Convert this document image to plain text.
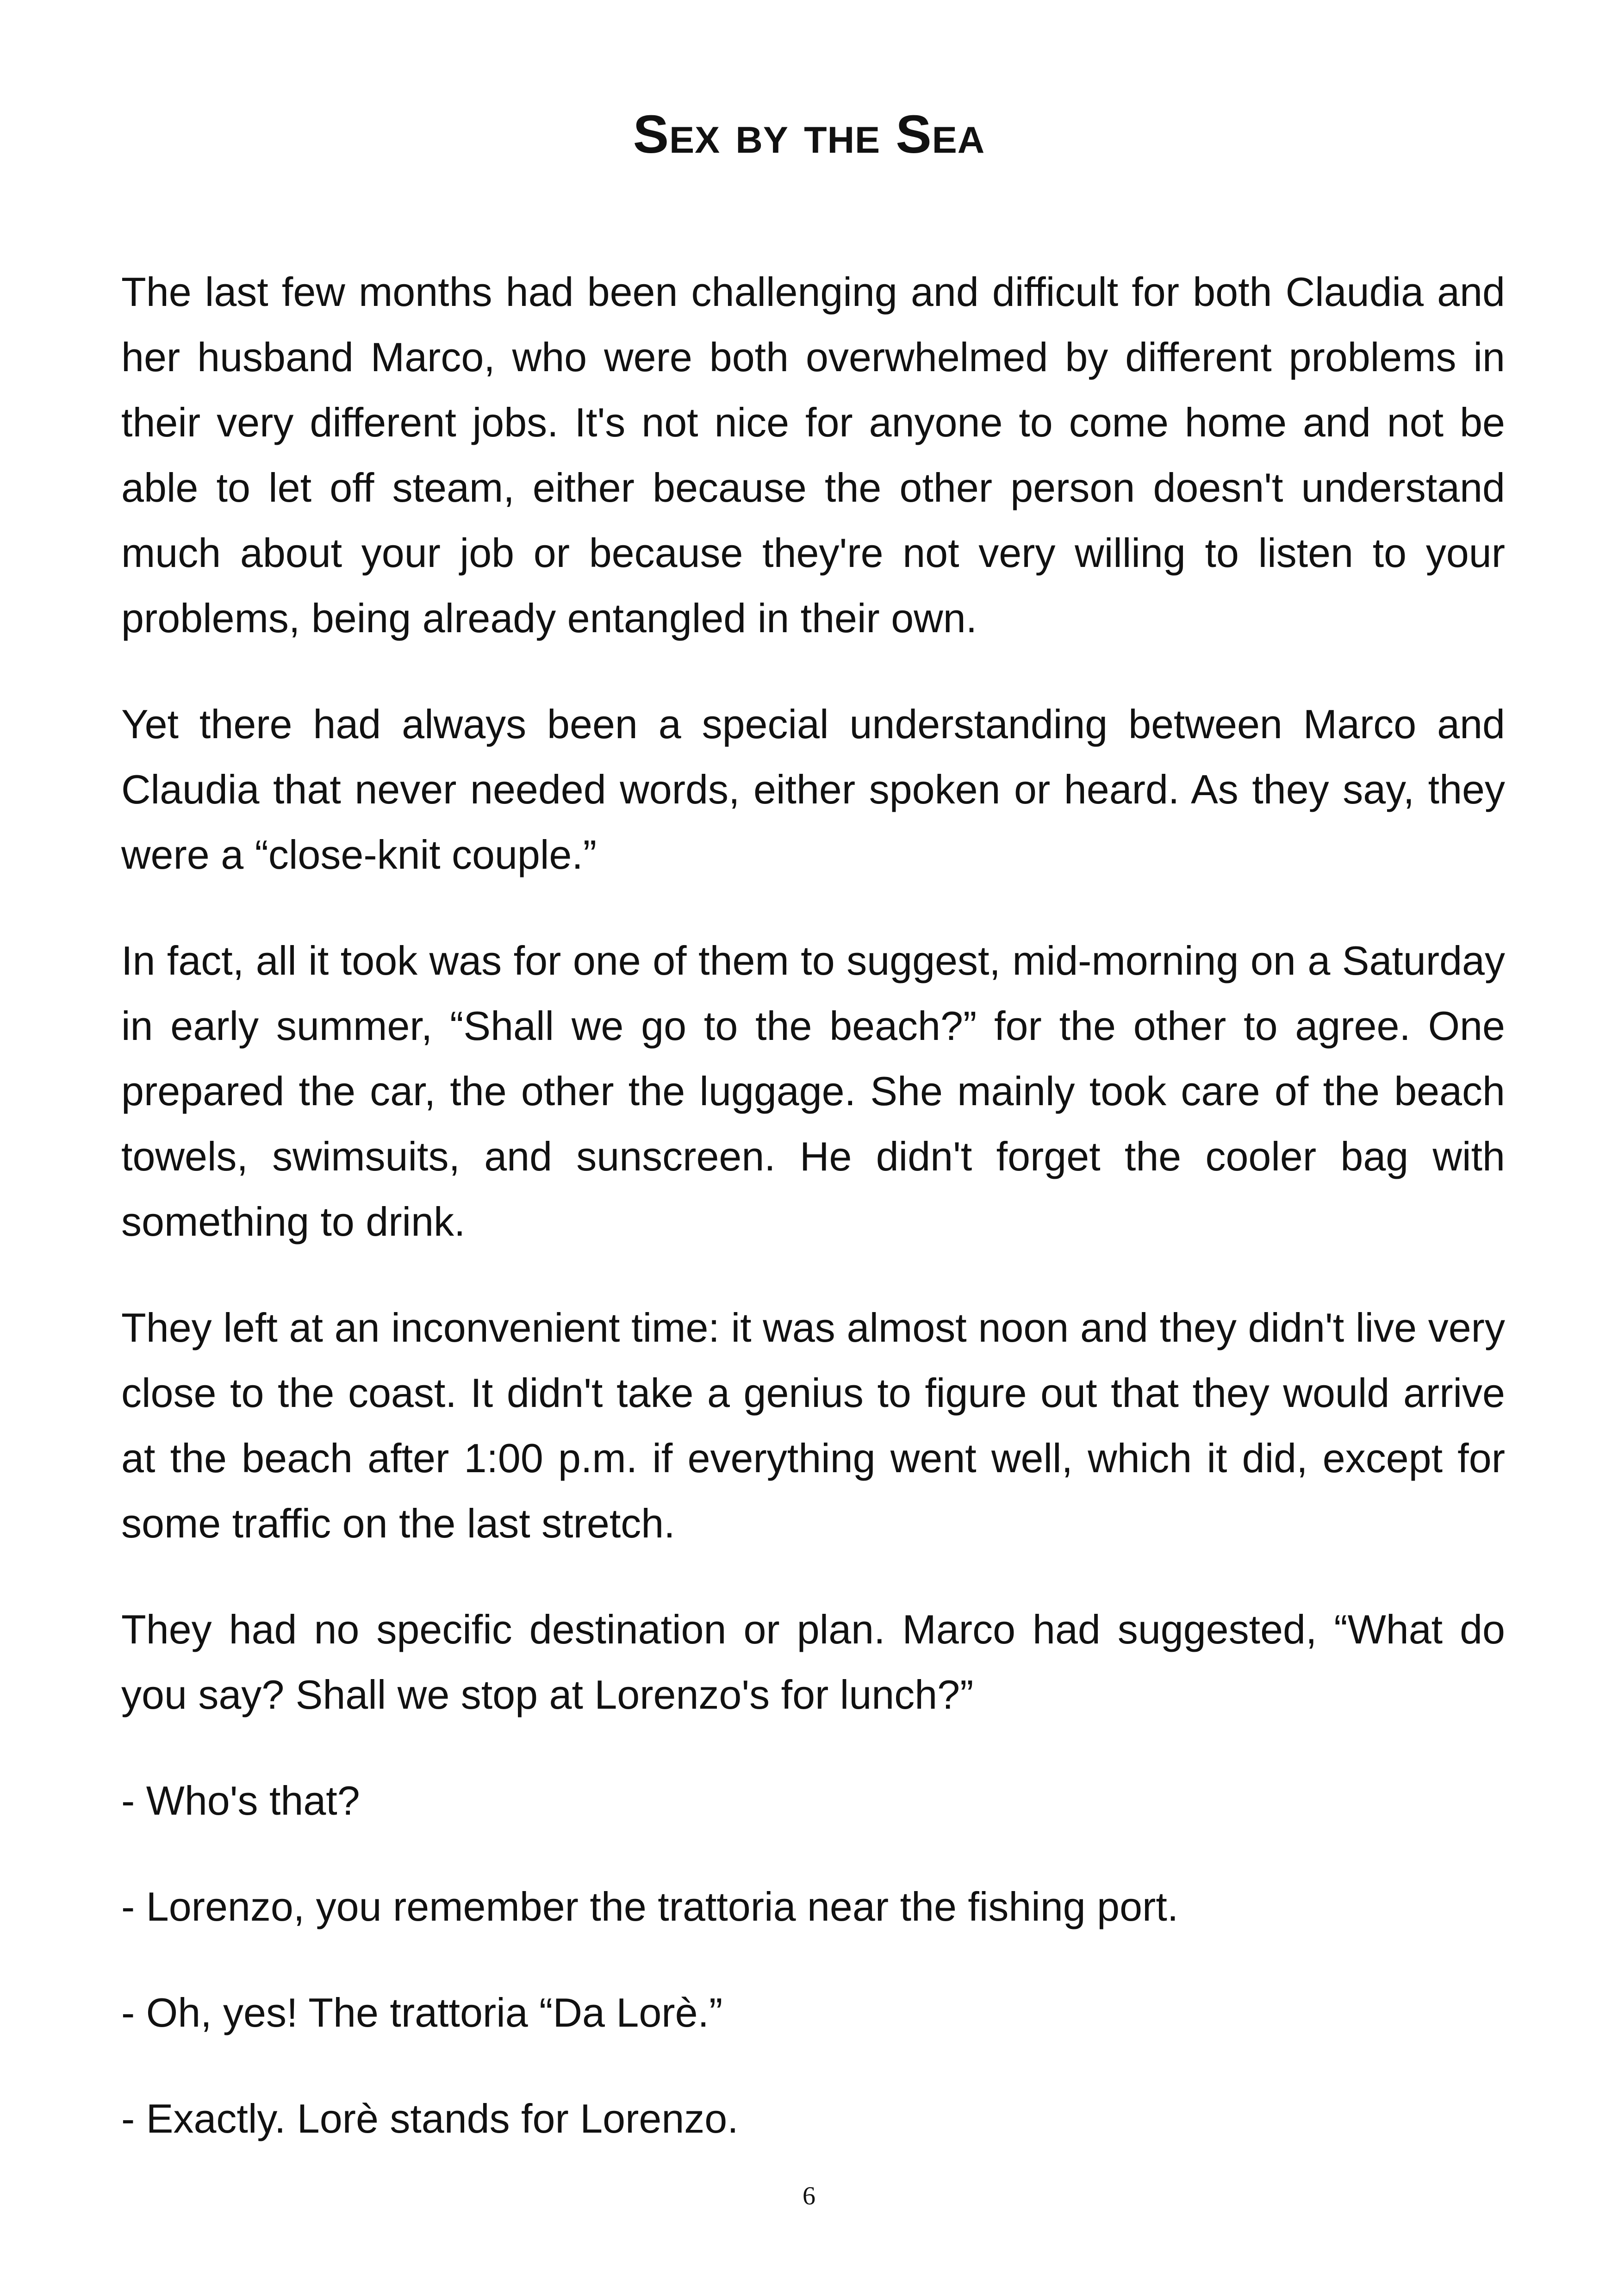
Sex by the Sea

The last few months had been challenging and difficult for both Claudia and her husband Marco, who were both overwhelmed by different problems in their very different jobs. It's not nice for anyone to come home and not be able to let off steam, either because the other person doesn't understand much about your job or because they're not very willing to listen to your problems, being already entangled in their own.

Yet there had always been a special understanding between Marco and Claudia that never needed words, either spoken or heard. As they say, they were a “close-knit couple.”

In fact, all it took was for one of them to suggest, mid-morning on a Saturday in early summer, “Shall we go to the beach?” for the other to agree. One prepared the car, the other the luggage. She mainly took care of the beach towels, swimsuits, and sunscreen. He didn't forget the cooler bag with something to drink.

They left at an inconvenient time: it was almost noon and they didn't live very close to the coast. It didn't take a genius to figure out that they would arrive at the beach after 1:00 p.m. if everything went well, which it did, except for some traffic on the last stretch.

They had no specific destination or plan. Marco had suggested, “What do you say? Shall we stop at Lorenzo's for lunch?”

- Who's that?

- Lorenzo, you remember the trattoria near the fishing port.

- Oh, yes! The trattoria “Da Lorè.”

- Exactly. Lorè stands for Lorenzo.

6
